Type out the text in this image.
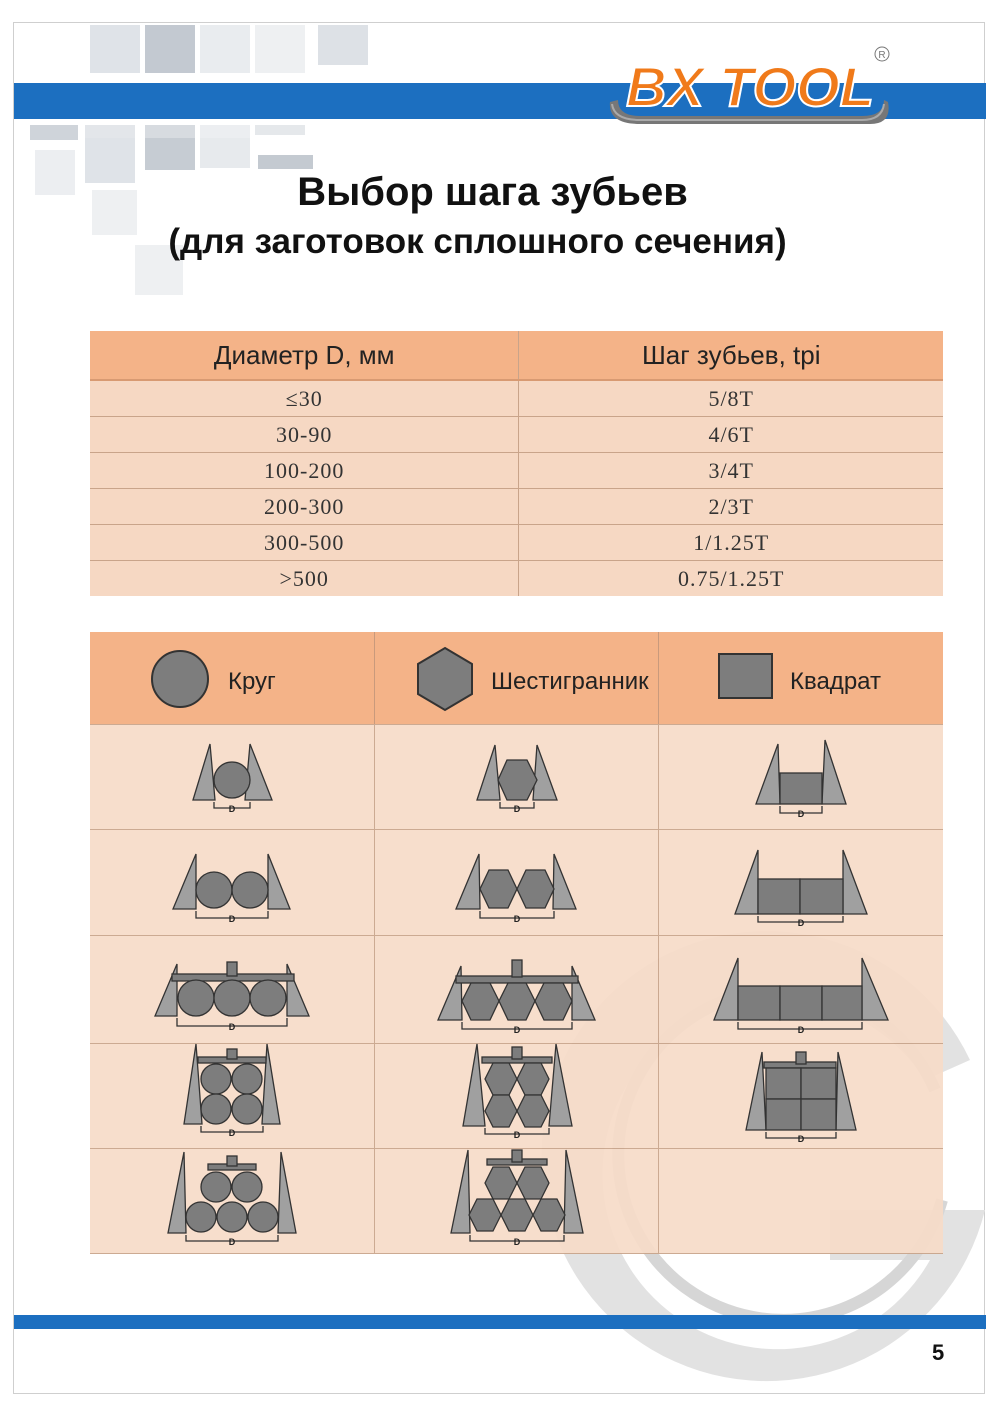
BX TOOL R
Выбор шага зубьев
(для заготовок сплошного сечения)
Диаметр D, мм	Шаг зубьев, tpi
≤30	5/8T
30-90	4/6T
100-200	3/4T
200-300	2/3T
300-500	1/1.25T
>500	0.75/1.25T
Круг	Шестигранник	Квадрат
D	D	D
D	D	D
D	D	D
D	D	D
D	D
5
